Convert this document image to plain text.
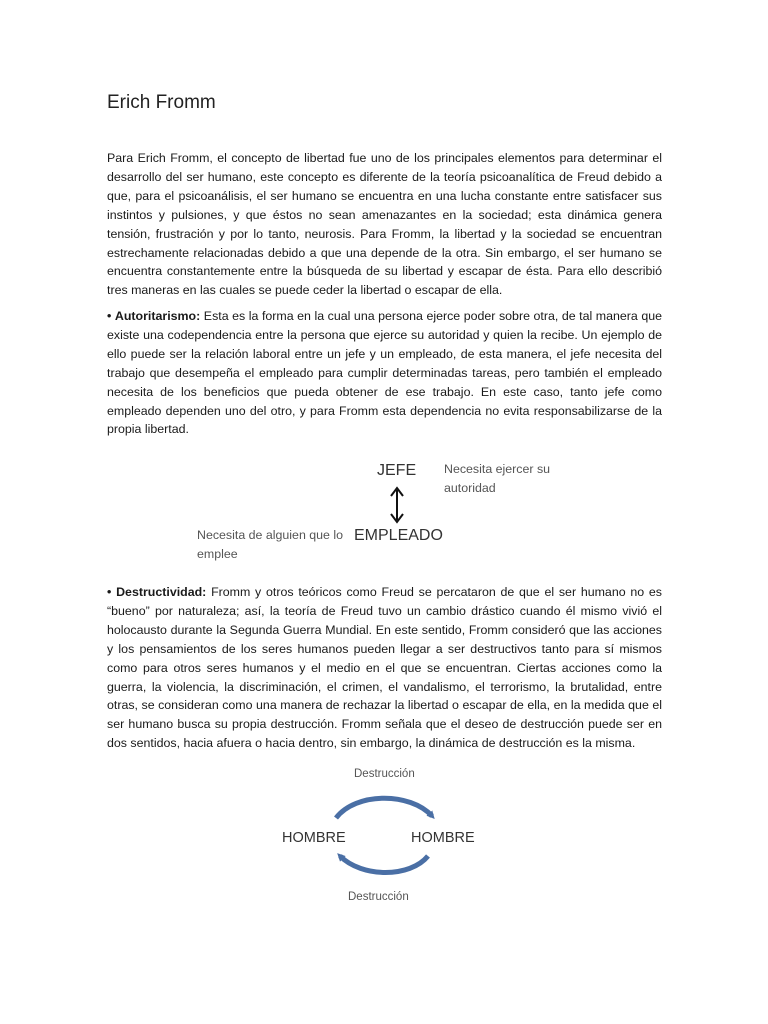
Erich Fromm

Para Erich Fromm, el concepto de libertad fue uno de los principales elementos para determinar el desarrollo del ser humano, este concepto es diferente de la teoría psicoanalítica de Freud debido a que, para el psicoanálisis, el ser humano se encuentra en una lucha constante entre satisfacer sus instintos y pulsiones, y que éstos no sean amenazantes en la sociedad; esta dinámica genera tensión, frustración y por lo tanto, neurosis. Para Fromm, la libertad y la sociedad se encuentran estrechamente relacionadas debido a que una depende de la otra. Sin embargo, el ser humano se encuentra constantemente entre la búsqueda de su libertad y escapar de ésta. Para ello describió tres maneras en las cuales se puede ceder la libertad o escapar de ella.

• Autoritarismo: Esta es la forma en la cual una persona ejerce poder sobre otra, de tal manera que existe una codependencia entre la persona que ejerce su autoridad y quien la recibe. Un ejemplo de ello puede ser la relación laboral entre un jefe y un empleado, de esta manera, el jefe necesita del trabajo que desempeña el empleado para cumplir determinadas tareas, pero también el empleado necesita de los beneficios que pueda obtener de ese trabajo. En este caso, tanto jefe como empleado dependen uno del otro, y para Fromm esta dependencia no evita responsabilizarse de la propia libertad.

JEFE
EMPLEADO
Necesita ejercer su autoridad
Necesita de alguien que lo emplee

• Destructividad: Fromm y otros teóricos como Freud se percataron de que el ser humano no es “bueno” por naturaleza; así, la teoría de Freud tuvo un cambio drástico cuando él mismo vivió el holocausto durante la Segunda Guerra Mundial. En este sentido, Fromm consideró que las acciones y los pensamientos de los seres humanos pueden llegar a ser destructivos tanto para sí mismos como para otros seres humanos y el medio en el que se encuentran. Ciertas acciones como la guerra, la violencia, la discriminación, el crimen, el vandalismo, el terrorismo, la brutalidad, entre otras, se consideran como una manera de rechazar la libertad o escapar de ella, en la medida que el ser humano busca su propia destrucción. Fromm señala que el deseo de destrucción puede ser en dos sentidos, hacia afuera o hacia dentro, sin embargo, la dinámica de destrucción es la misma.

Destrucción
HOMBRE	HOMBRE
Destrucción
